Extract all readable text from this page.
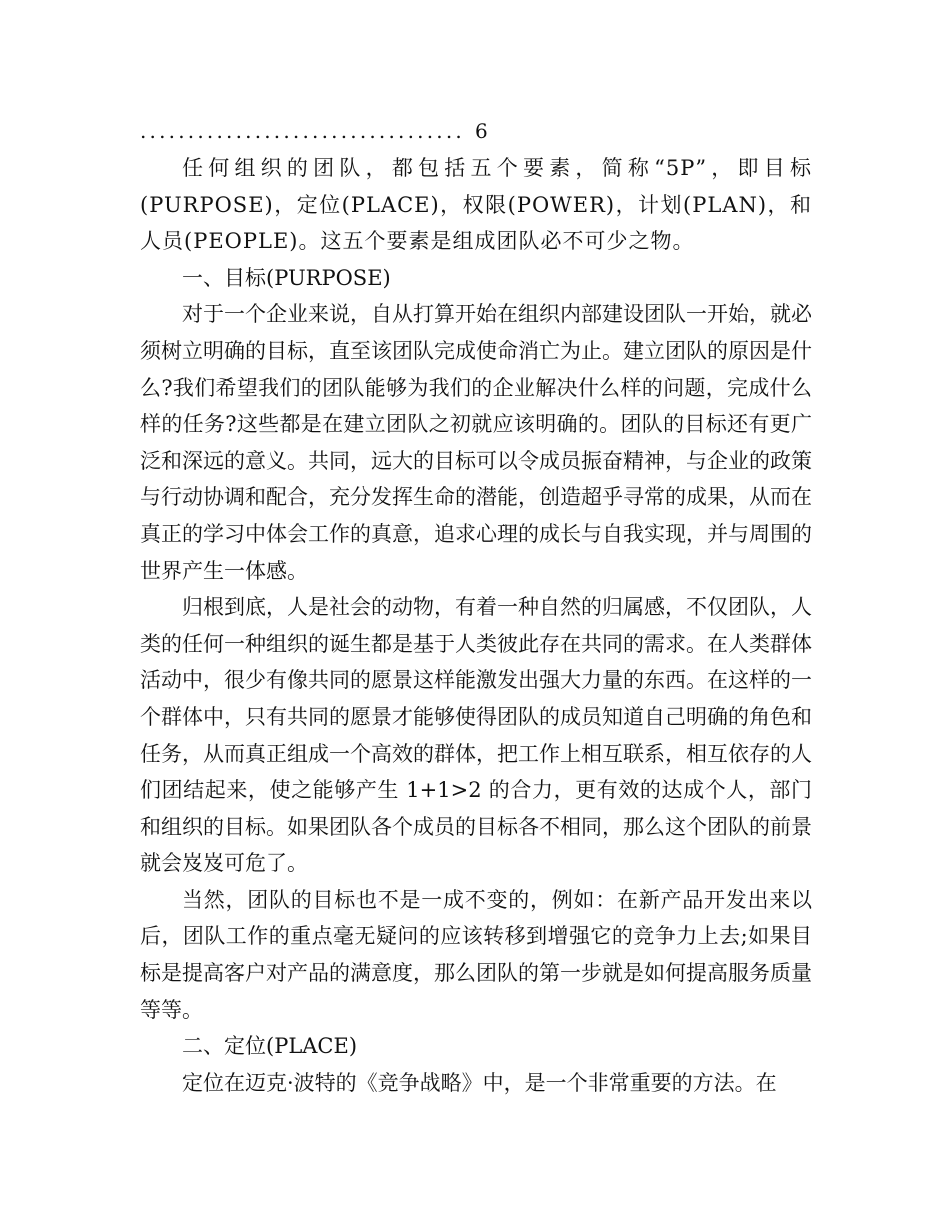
.................................. 6

任何组织的团队，都包括五个要素，简称“5P”，即目标(PURPOSE)，定位(PLACE)，权限(POWER)，计划(PLAN)，和人员(PEOPLE)。这五个要素是组成团队必不可少之物。

一、目标(PURPOSE)

对于一个企业来说，自从打算开始在组织内部建设团队一开始，就必须树立明确的目标，直至该团队完成使命消亡为止。建立团队的原因是什么?我们希望我们的团队能够为我们的企业解决什么样的问题，完成什么样的任务?这些都是在建立团队之初就应该明确的。团队的目标还有更广泛和深远的意义。共同，远大的目标可以令成员振奋精神，与企业的政策与行动协调和配合，充分发挥生命的潜能，创造超乎寻常的成果，从而在真正的学习中体会工作的真意，追求心理的成长与自我实现，并与周围的世界产生一体感。

归根到底，人是社会的动物，有着一种自然的归属感，不仅团队，人类的任何一种组织的诞生都是基于人类彼此存在共同的需求。在人类群体活动中，很少有像共同的愿景这样能激发出强大力量的东西。在这样的一个群体中，只有共同的愿景才能够使得团队的成员知道自己明确的角色和任务，从而真正组成一个高效的群体，把工作上相互联系，相互依存的人们团结起来，使之能够产生 1+1>2 的合力，更有效的达成个人，部门和组织的目标。如果团队各个成员的目标各不相同，那么这个团队的前景就会岌岌可危了。

当然，团队的目标也不是一成不变的，例如：在新产品开发出来以后，团队工作的重点毫无疑问的应该转移到增强它的竞争力上去;如果目标是提高客户对产品的满意度，那么团队的第一步就是如何提高服务质量等等。

二、定位(PLACE)

定位在迈克·波特的《竞争战略》中，是一个非常重要的方法。在
